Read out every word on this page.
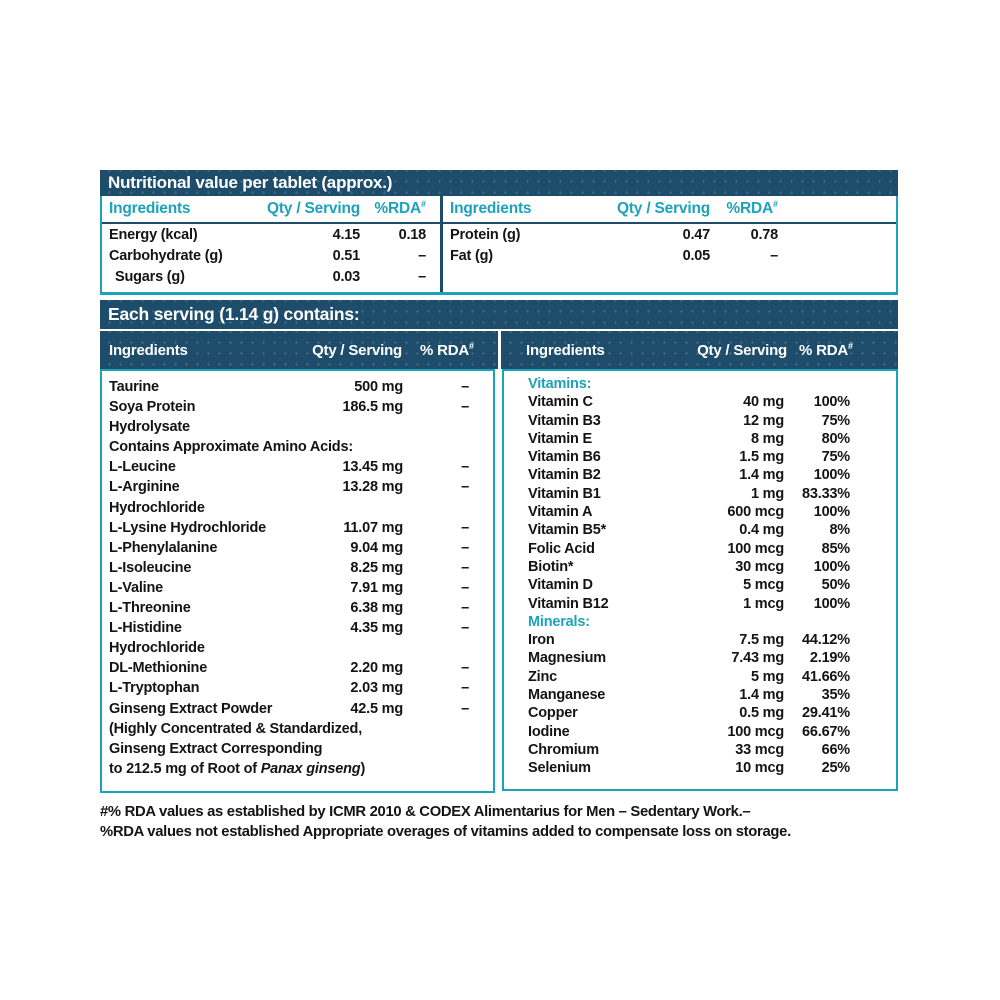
Nutritional value per tablet (approx.)
Ingredients	Qty / Serving %RDA#
Energy (kcal)	4.15	0.18
Carbohydrate (g)	0.51	–
Sugars (g)	0.03	–
Ingredients	Qty / Serving	%RDA#
Protein (g)	0.47	0.78
Fat (g)	0.05	–
Each serving (1.14 g) contains:
Ingredients	Qty / Serving	% RDA#	Ingredients	Qty / Serving % RDA#
Taurine	500 mg	–
Soya Protein	186.5 mg	–
Hydrolysate
Contains Approximate Amino Acids:
L-Leucine	13.45 mg	–
L-Arginine	13.28 mg	–
Hydrochloride
L-Lysine Hydrochloride	11.07 mg	–
L-Phenylalanine	9.04 mg	–
L-Isoleucine	8.25 mg	–
L-Valine	7.91 mg	–
L-Threonine	6.38 mg	–
L-Histidine	4.35 mg	–
Hydrochloride
DL-Methionine	2.20 mg	–
L-Tryptophan	2.03 mg	–
Ginseng Extract Powder	42.5 mg	–
(Highly Concentrated & Standardized,
Ginseng Extract Corresponding
to 212.5 mg of Root of Panax ginseng)
Vitamins:
Vitamin C	40 mg	100%
Vitamin B3	12 mg	75%
Vitamin E	8 mg	80%
Vitamin B6	1.5 mg	75%
Vitamin B2	1.4 mg	100%
Vitamin B1	1 mg	83.33%
Vitamin A	600 mcg	100%
Vitamin B5*	0.4 mg	8%
Folic Acid	100 mcg	85%
Biotin*	30 mcg	100%
Vitamin D	5 mcg	50%
Vitamin B12	1 mcg	100%
Minerals:
Iron	7.5 mg	44.12%
Magnesium	7.43 mg	2.19%
Zinc	5 mg	41.66%
Manganese	1.4 mg	35%
Copper	0.5 mg	29.41%
Iodine	100 mcg	66.67%
Chromium	33 mcg	66%
Selenium	10 mcg	25%
#% RDA values as established by ICMR 2010 & CODEX Alimentarius for Men – Sedentary Work.–
%RDA values not established Appropriate overages of vitamins added to compensate loss on storage.
